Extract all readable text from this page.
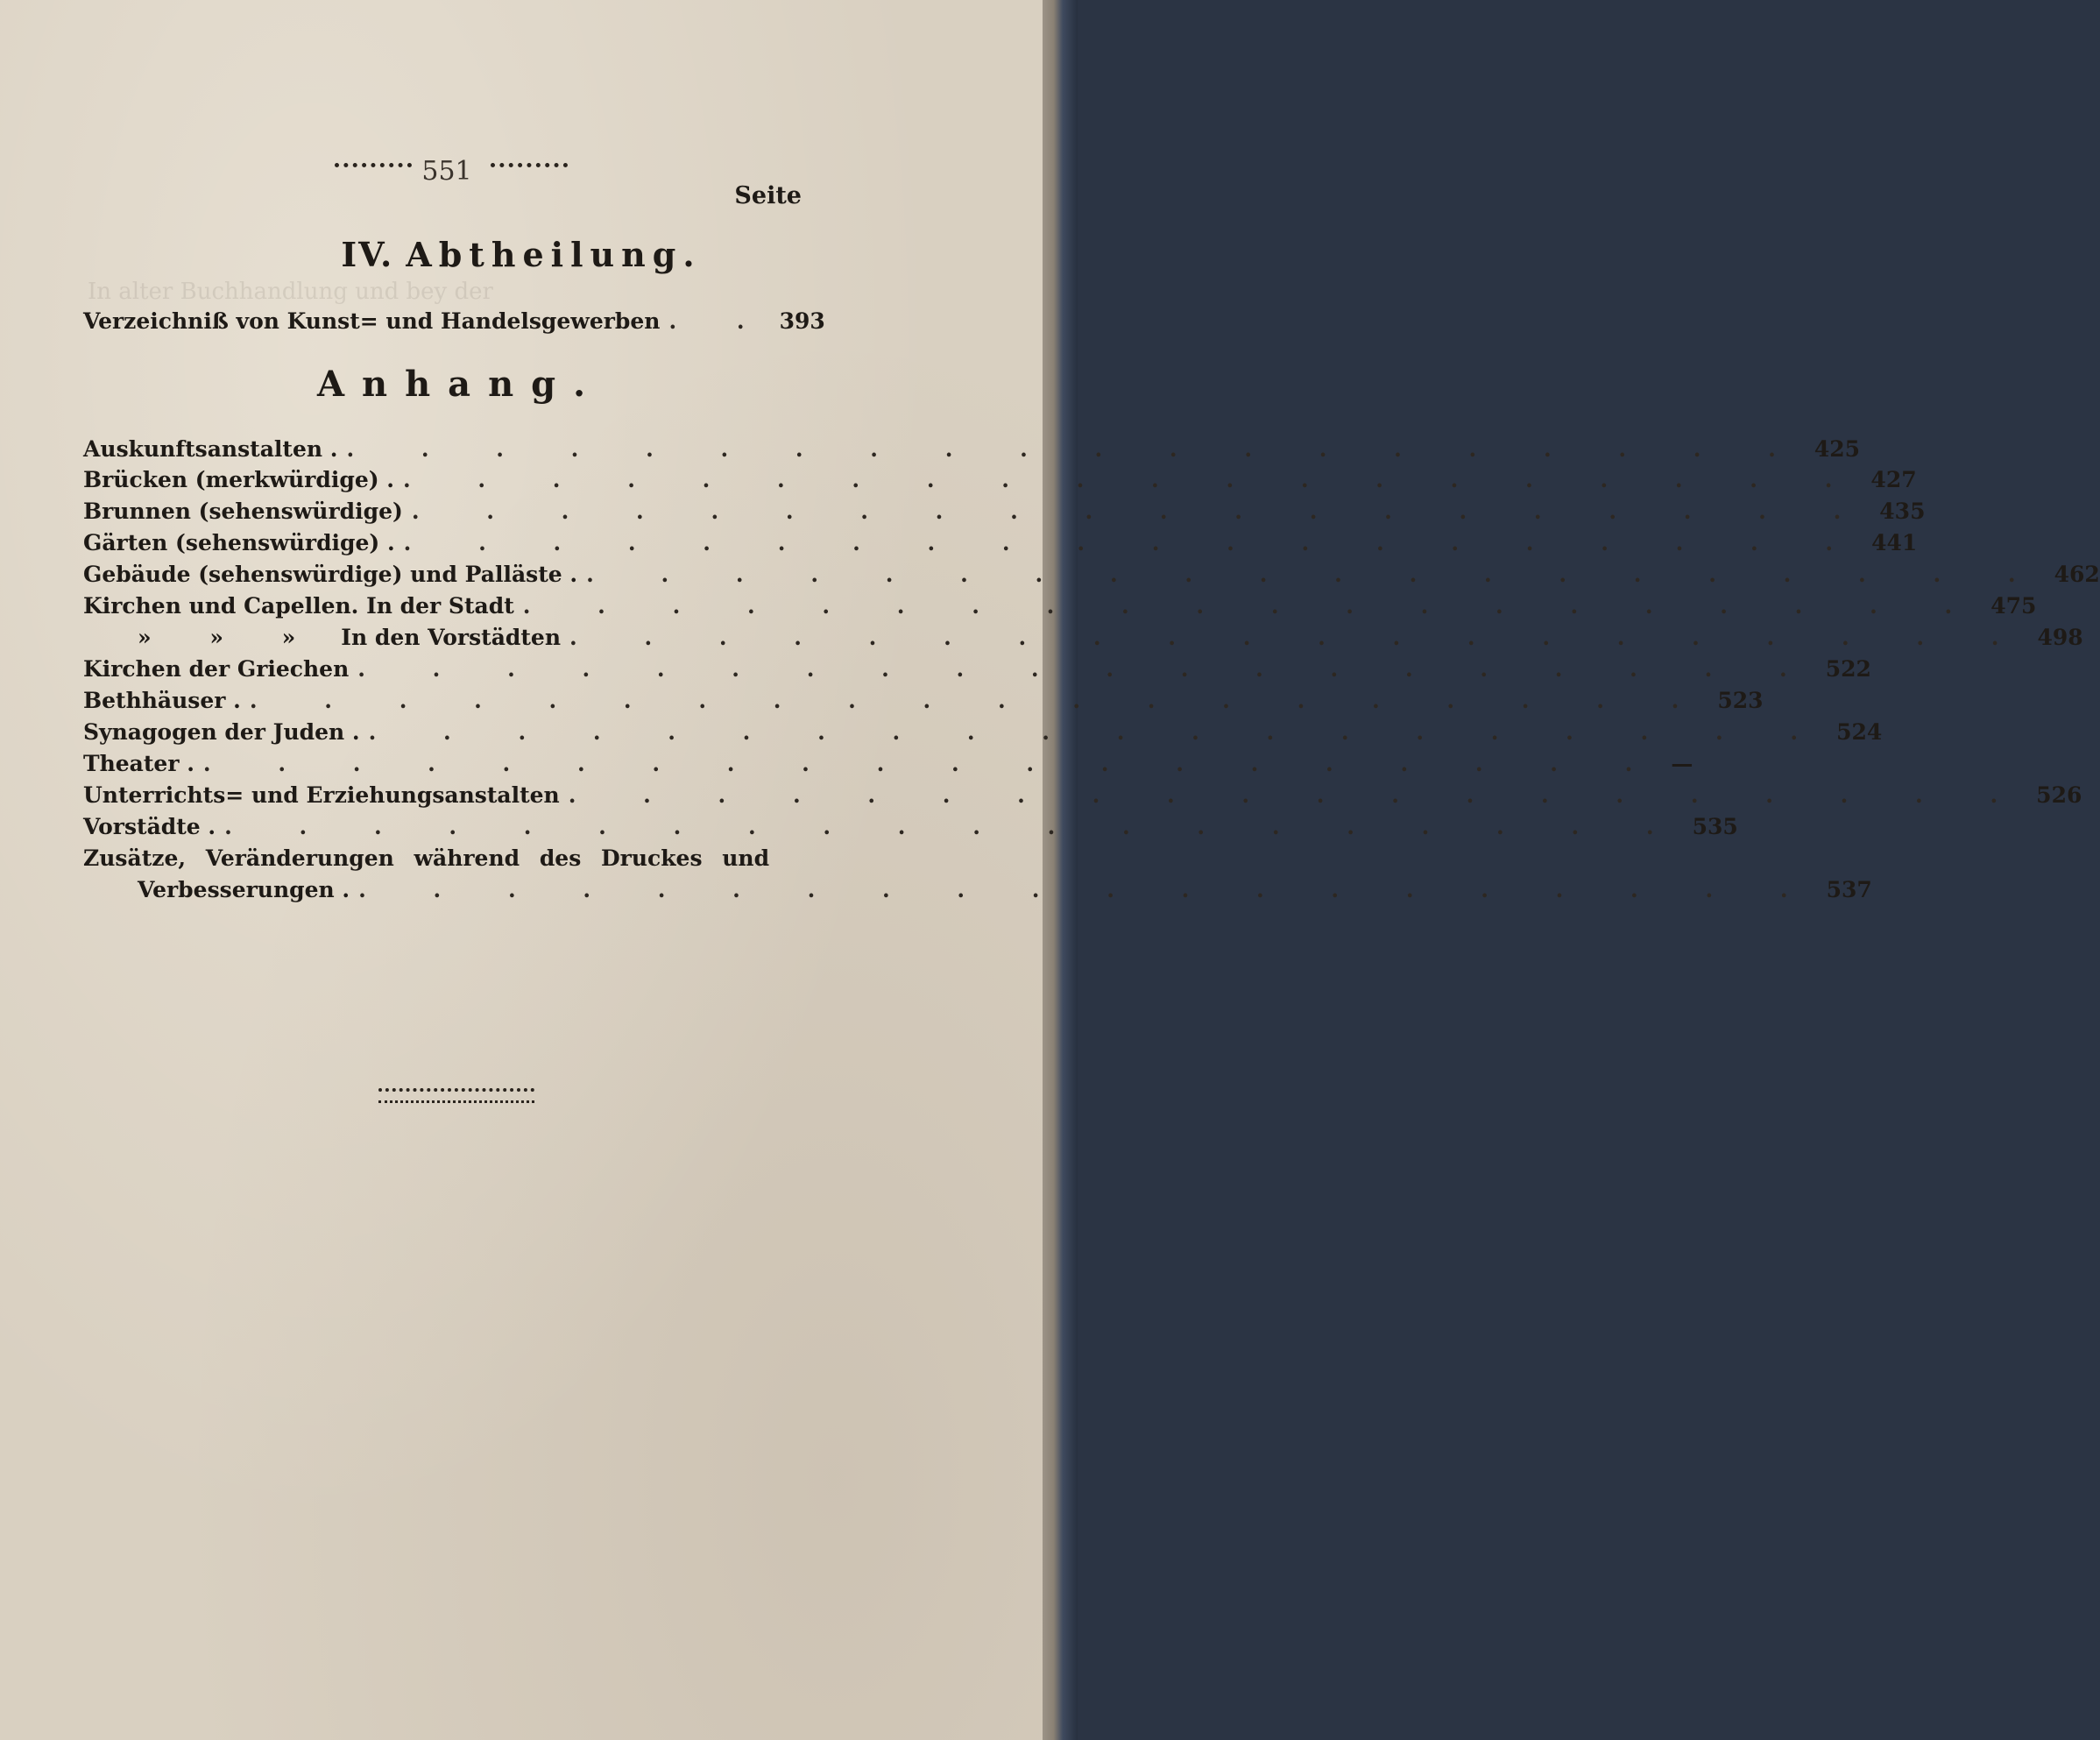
In alter Buchhandlung und bey der
551
Seite
IV. Abtheilung.
Verzeichniß von Kunst= und Handelsgewerben . . 393
Anhang.
Auskunftsanstalten . . . . . . . . . . . . . . . . . . . . . 425
Brücken (merkwürdige) . . . . . . . . . . . . . . . . . . . . . 427
Brunnen (sehenswürdige) . . . . . . . . . . . . . . . . . . . . 435
Gärten (sehenswürdige) . . . . . . . . . . . . . . . . . . . . . 441
Gebäude (sehenswürdige) und Palläste . . . . . . . . . . . . . . . . . . . . . 462
Kirchen und Capellen. In der Stadt . . . . . . . . . . . . . . . . . . . . 475
» » » In den Vorstädten . . . . . . . . . . . . . . . . . . . . 498
Kirchen der Griechen . . . . . . . . . . . . . . . . . . . . 522
Bethhäuser . . . . . . . . . . . . . . . . . . . . . 523
Synagogen der Juden . . . . . . . . . . . . . . . . . . . . . 524
Theater . . . . . . . . . . . . . . . . . . . . . —
Unterrichts= und Erziehungsanstalten . . . . . . . . . . . . . . . . . . . . 526
Vorstädte . . . . . . . . . . . . . . . . . . . . . 535
Zusätze, Veränderungen während des Druckes und
Verbesserungen . . . . . . . . . . . . . . . . . . . . . 537
